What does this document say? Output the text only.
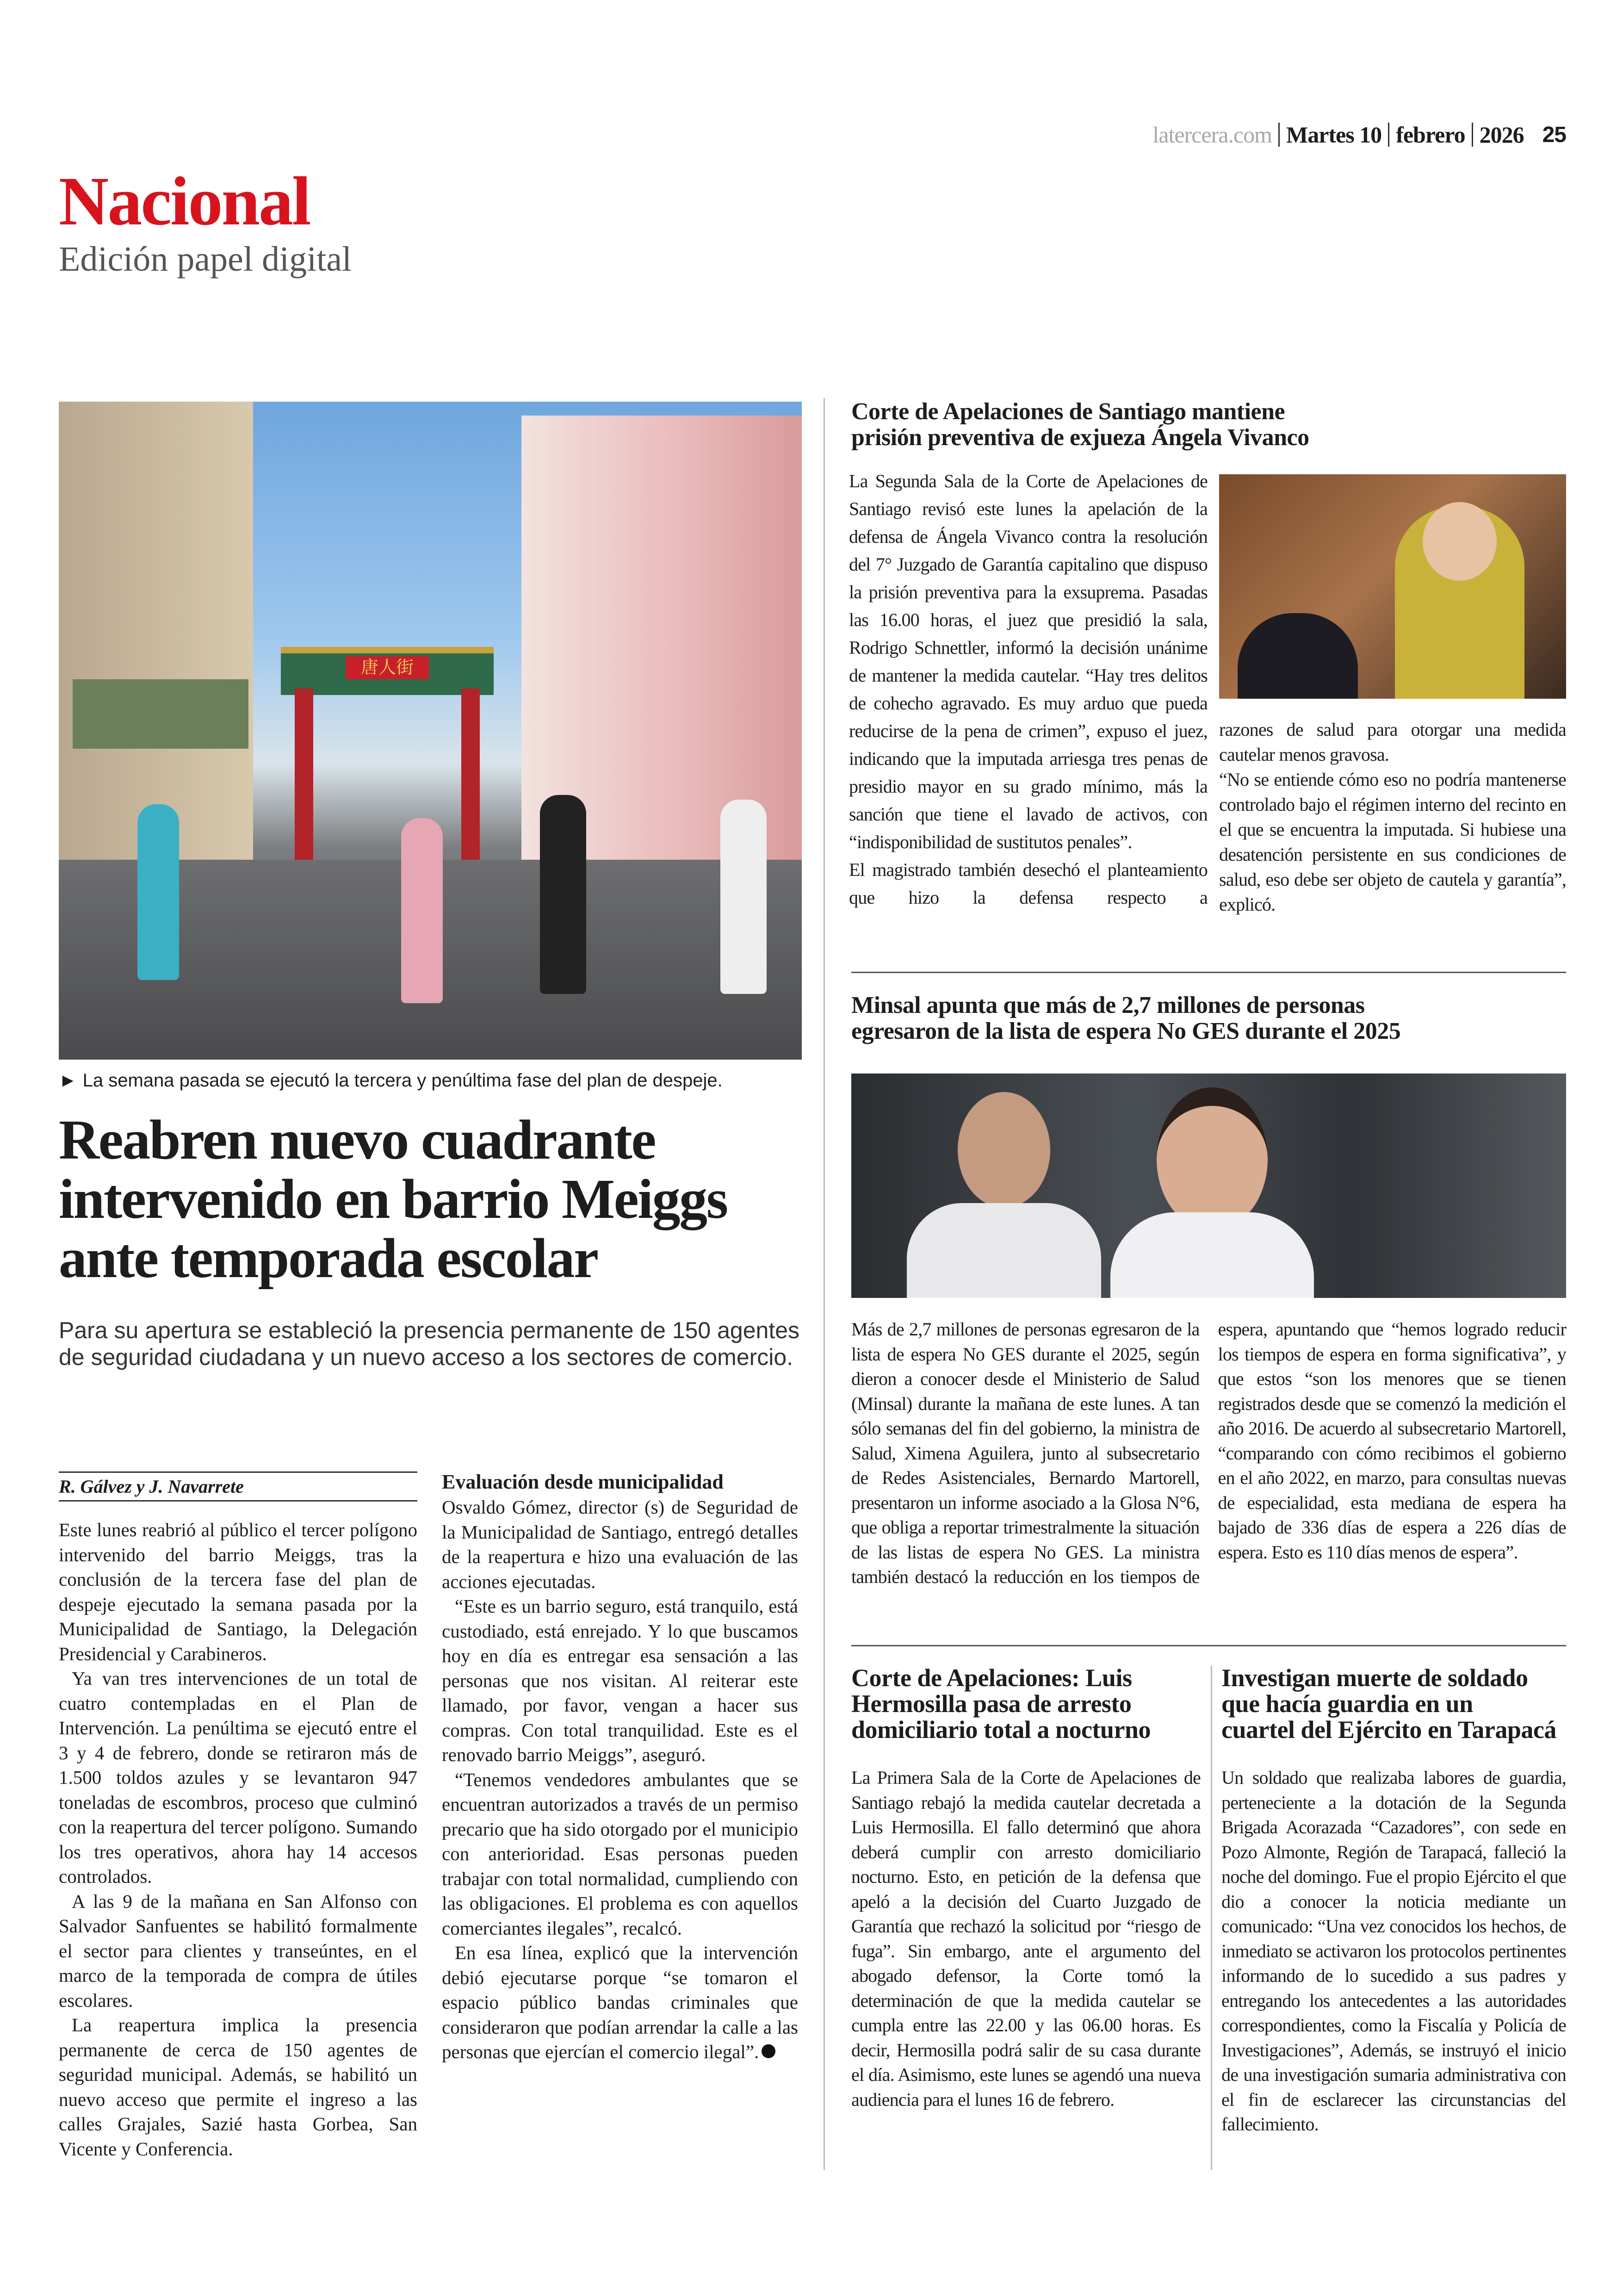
latercera.com Martes 10 febrero 2026 25
Nacional
Edición papel digital
唐人街
► La semana pasada se ejecutó la tercera y penúltima fase del plan de despeje.
Reabren nuevo cuadrante
intervenido en barrio Meiggs
ante temporada escolar
Para su apertura se estableció la presencia permanente de 150 agentes de seguridad ciudadana y un nuevo acceso a los sectores de comercio.
R. Gálvez y J. Navarrete

Este lunes reabrió al público el tercer polígono intervenido del barrio Meiggs, tras la conclusión de la tercera fase del plan de despeje ejecutado la semana pasada por la Municipalidad de Santiago, la Delegación Presidencial y Carabineros.

Ya van tres intervenciones de un total de cuatro contempladas en el Plan de Intervención. La penúltima se ejecutó entre el 3 y 4 de febrero, donde se retiraron más de 1.500 toldos azules y se levantaron 947 toneladas de escombros, proceso que culminó con la reapertura del tercer polígono. Sumando los tres operativos, ahora hay 14 accesos controlados.

A las 9 de la mañana en San Alfonso con Salvador Sanfuentes se habilitó formalmente el sector para clientes y transeúntes, en el marco de la temporada de compra de útiles escolares.

La reapertura implica la presencia permanente de cerca de 150 agentes de seguridad municipal. Además, se habilitó un nuevo acceso que permite el ingreso a las calles Grajales, Sazié hasta Gorbea, San Vicente y Conferencia.

Evaluación desde municipalidad

Osvaldo Gómez, director (s) de Seguridad de la Municipalidad de Santiago, entregó detalles de la reapertura e hizo una evaluación de las acciones ejecutadas.

“Este es un barrio seguro, está tranquilo, está custodiado, está enrejado. Y lo que buscamos hoy en día es entregar esa sensación a las personas que nos visitan. Al reiterar este llamado, por favor, vengan a hacer sus compras. Con total tranquilidad. Este es el renovado barrio Meiggs”, aseguró.

“Tenemos vendedores ambulantes que se encuentran autorizados a través de un permiso precario que ha sido otorgado por el municipio con anterioridad. Esas personas pueden trabajar con total normalidad, cumpliendo con las obligaciones. El problema es con aquellos comerciantes ilegales”, recalcó.

En esa línea, explicó que la intervención debió ejecutarse porque “se tomaron el espacio público bandas criminales que consideraron que podían arrendar la calle a las personas que ejercían el comercio ilegal”.

Corte de Apelaciones de Santiago mantiene
prisión preventiva de exjueza Ángela Vivanco

La Segunda Sala de la Corte de Apelaciones de Santiago revisó este lunes la apelación de la defensa de Ángela Vivanco contra la resolución del 7° Juzgado de Garantía capitalino que dispuso la prisión preventiva para la exsuprema. Pasadas las 16.00 horas, el juez que presidió la sala, Rodrigo Schnettler, informó la decisión unánime de mantener la medida cautelar. “Hay tres delitos de cohecho agravado. Es muy arduo que pueda reducirse de la pena de crimen”, expuso el juez, indicando que la imputada arriesga tres penas de presidio mayor en su grado mínimo, más la sanción que tiene el lavado de activos, con “indisponibilidad de sustitutos penales”.

El magistrado también desechó el planteamiento que hizo la defensa respecto a

razones de salud para otorgar una medida cautelar menos gravosa.

“No se entiende cómo eso no podría mantenerse controlado bajo el régimen interno del recinto en el que se encuentra la imputada. Si hubiese una desatención persistente en sus condiciones de salud, eso debe ser objeto de cautela y garantía”, explicó.

Minsal apunta que más de 2,7 millones de personas
egresaron de la lista de espera No GES durante el 2025

Más de 2,7 millones de personas egresaron de la lista de espera No GES durante el 2025, según dieron a conocer desde el Ministerio de Salud (Minsal) durante la mañana de este lunes. A tan sólo semanas del fin del gobierno, la ministra de Salud, Ximena Aguilera, junto al subsecretario de Redes Asistenciales, Bernardo Martorell, presentaron un informe asociado a la Glosa N°6, que obliga a reportar trimestralmente la situación de las listas de espera No GES. La ministra también destacó la reducción en los tiempos de espera, apuntando que “hemos logrado reducir los tiempos de espera en forma significativa”, y que estos “son los menores que se tienen registrados desde que se comenzó la medición el año 2016. De acuerdo al subsecretario Martorell, “comparando con cómo recibimos el gobierno en el año 2022, en marzo, para consultas nuevas de especialidad, esta mediana de espera ha bajado de 336 días de espera a 226 días de espera. Esto es 110 días menos de espera”.

Corte de Apelaciones: Luis
Hermosilla pasa de arresto
domiciliario total a nocturno

La Primera Sala de la Corte de Apelaciones de Santiago rebajó la medida cautelar decretada a Luis Hermosilla. El fallo determinó que ahora deberá cumplir con arresto domiciliario nocturno. Esto, en petición de la defensa que apeló a la decisión del Cuarto Juzgado de Garantía que rechazó la solicitud por “riesgo de fuga”. Sin embargo, ante el argumento del abogado defensor, la Corte tomó la determinación de que la medida cautelar se cumpla entre las 22.00 y las 06.00 horas. Es decir, Hermosilla podrá salir de su casa durante el día. Asimismo, este lunes se agendó una nueva audiencia para el lunes 16 de febrero.

Investigan muerte de soldado
que hacía guardia en un
cuartel del Ejército en Tarapacá

Un soldado que realizaba labores de guardia, perteneciente a la dotación de la Segunda Brigada Acorazada “Cazadores”, con sede en Pozo Almonte, Región de Tarapacá, falleció la noche del domingo. Fue el propio Ejército el que dio a conocer la noticia mediante un comunicado: “Una vez conocidos los hechos, de inmediato se activaron los protocolos pertinentes informando de lo sucedido a sus padres y entregando los antecedentes a las autoridades correspondientes, como la Fiscalía y Policía de Investigaciones”, Además, se instruyó el inicio de una investigación sumaria administrativa con el fin de esclarecer las circunstancias del fallecimiento.
